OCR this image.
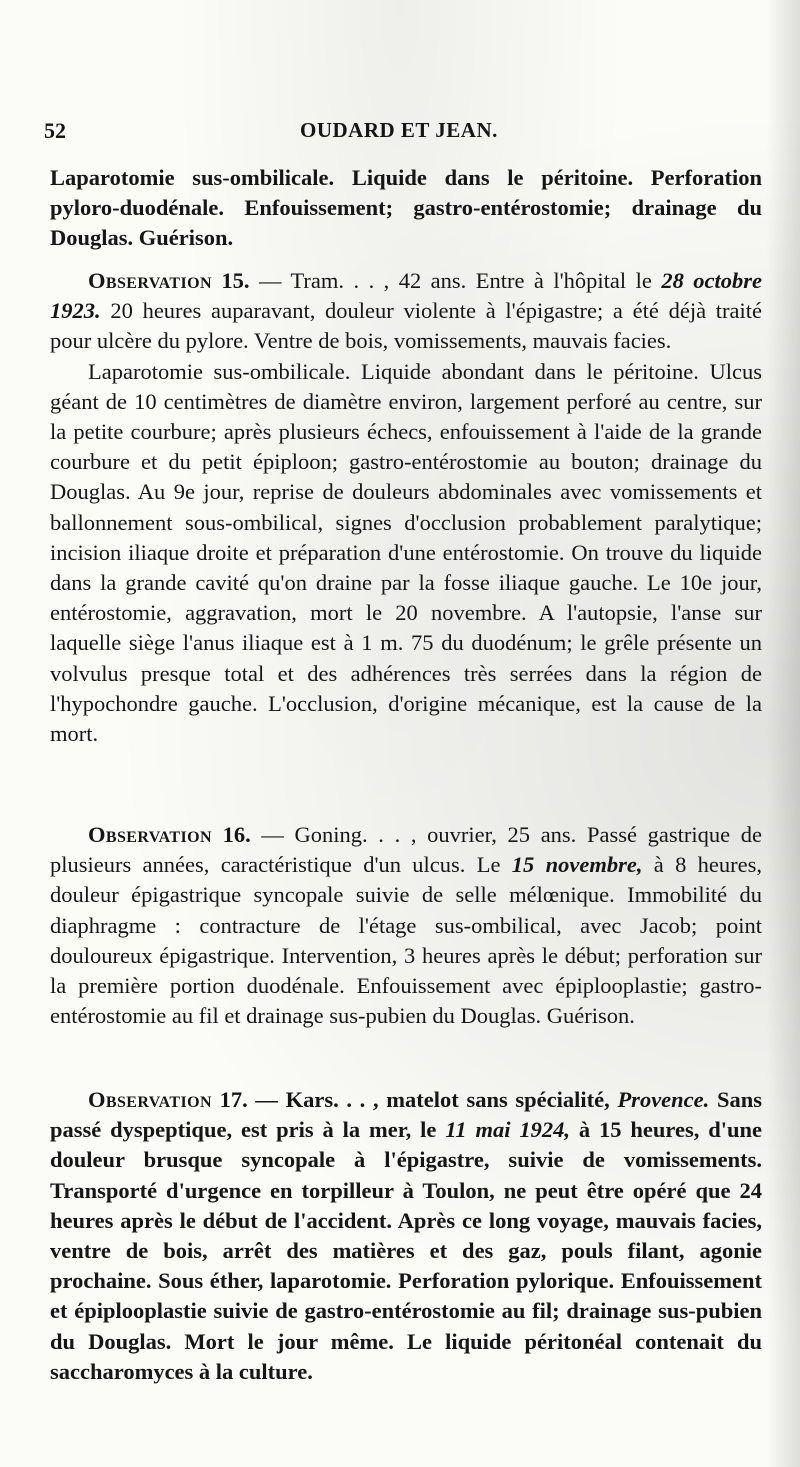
52	OUDARD ET JEAN.

Laparotomie sus-ombilicale. Liquide dans le péritoine. Perforation pyloro-duodénale. Enfouissement; gastro-entérostomie; drainage du Douglas. Guérison.

Observation 15. — Tram. . . , 42 ans. Entre à l'hôpital le 28 octobre 1923. 20 heures auparavant, douleur violente à l'épigastre; a été déjà traité pour ulcère du pylore. Ventre de bois, vomissements, mauvais facies.

Laparotomie sus-ombilicale. Liquide abondant dans le péritoine. Ulcus géant de 10 centimètres de diamètre environ, largement perforé au centre, sur la petite courbure; après plusieurs échecs, enfouissement à l'aide de la grande courbure et du petit épiploon; gastro-entérostomie au bouton; drainage du Douglas. Au 9e jour, reprise de douleurs abdominales avec vomissements et ballonnement sous-ombilical, signes d'occlusion probablement paralytique; incision iliaque droite et préparation d'une entérostomie. On trouve du liquide dans la grande cavité qu'on draine par la fosse iliaque gauche. Le 10e jour, entérostomie, aggravation, mort le 20 novembre. A l'autopsie, l'anse sur laquelle siège l'anus iliaque est à 1 m. 75 du duodénum; le grêle présente un volvulus presque total et des adhérences très serrées dans la région de l'hypochondre gauche. L'occlusion, d'origine mécanique, est la cause de la mort.

Observation 16. — Goning. . . , ouvrier, 25 ans. Passé gastrique de plusieurs années, caractéristique d'un ulcus. Le 15 novembre, à 8 heures, douleur épigastrique syncopale suivie de selle mélœnique. Immobilité du diaphragme : contracture de l'étage sus-ombilical, avec Jacob; point douloureux épigastrique. Intervention, 3 heures après le début; perforation sur la première portion duodénale. Enfouissement avec épiplooplastie; gastro-entérostomie au fil et drainage sus-pubien du Douglas. Guérison.

Observation 17. — Kars. . . , matelot sans spécialité, Provence. Sans passé dyspeptique, est pris à la mer, le 11 mai 1924, à 15 heures, d'une douleur brusque syncopale à l'épigastre, suivie de vomissements. Transporté d'urgence en torpilleur à Toulon, ne peut être opéré que 24 heures après le début de l'accident. Après ce long voyage, mauvais facies, ventre de bois, arrêt des matières et des gaz, pouls filant, agonie prochaine. Sous éther, laparotomie. Perforation pylorique. Enfouissement et épiplooplastie suivie de gastro-entérostomie au fil; drainage sus-pubien du Douglas. Mort le jour même. Le liquide péritonéal contenait du saccharomyces à la culture.
